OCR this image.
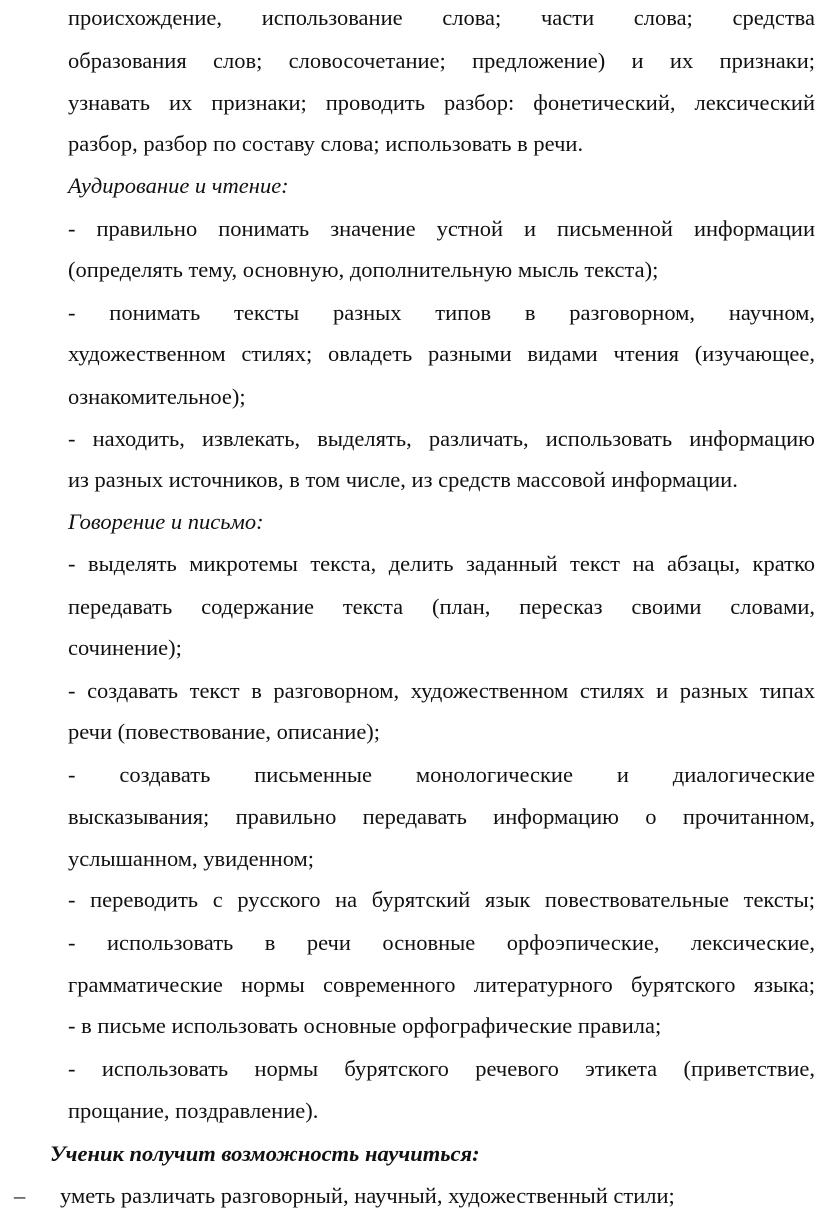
происхождение, использование слова; части слова; средства
образования слов; словосочетание; предложение) и их признаки;
узнавать их признаки; проводить разбор: фонетический, лексический
разбор, разбор по составу слова; использовать в речи.
Аудирование и чтение:
- правильно понимать значение устной и письменной информации
(определять тему, основную, дополнительную мысль текста);
- понимать тексты разных типов в разговорном, научном,
художественном стилях; овладеть разными видами чтения (изучающее,
ознакомительное);
- находить, извлекать, выделять, различать, использовать информацию
из разных источников, в том числе, из средств массовой информации.
Говорение и письмо:
- выделять микротемы текста, делить заданный текст на абзацы, кратко
передавать содержание текста (план, пересказ своими словами,
сочинение);
- создавать текст в разговорном, художественном стилях и разных типах
речи (повествование, описание);
- создавать письменные монологические и диалогические
высказывания; правильно передавать информацию о прочитанном,
услышанном, увиденном;
- переводить с русского на бурятский язык повествовательные тексты;
- использовать в речи основные орфоэпические, лексические,
грамматические нормы современного литературного бурятского языка;
- в письме использовать основные орфографические правила;
- использовать нормы бурятского речевого этикета (приветствие,
прощание, поздравление).
Ученик получит возможность научиться:
– уметь различать разговорный, научный, художественный стили;
